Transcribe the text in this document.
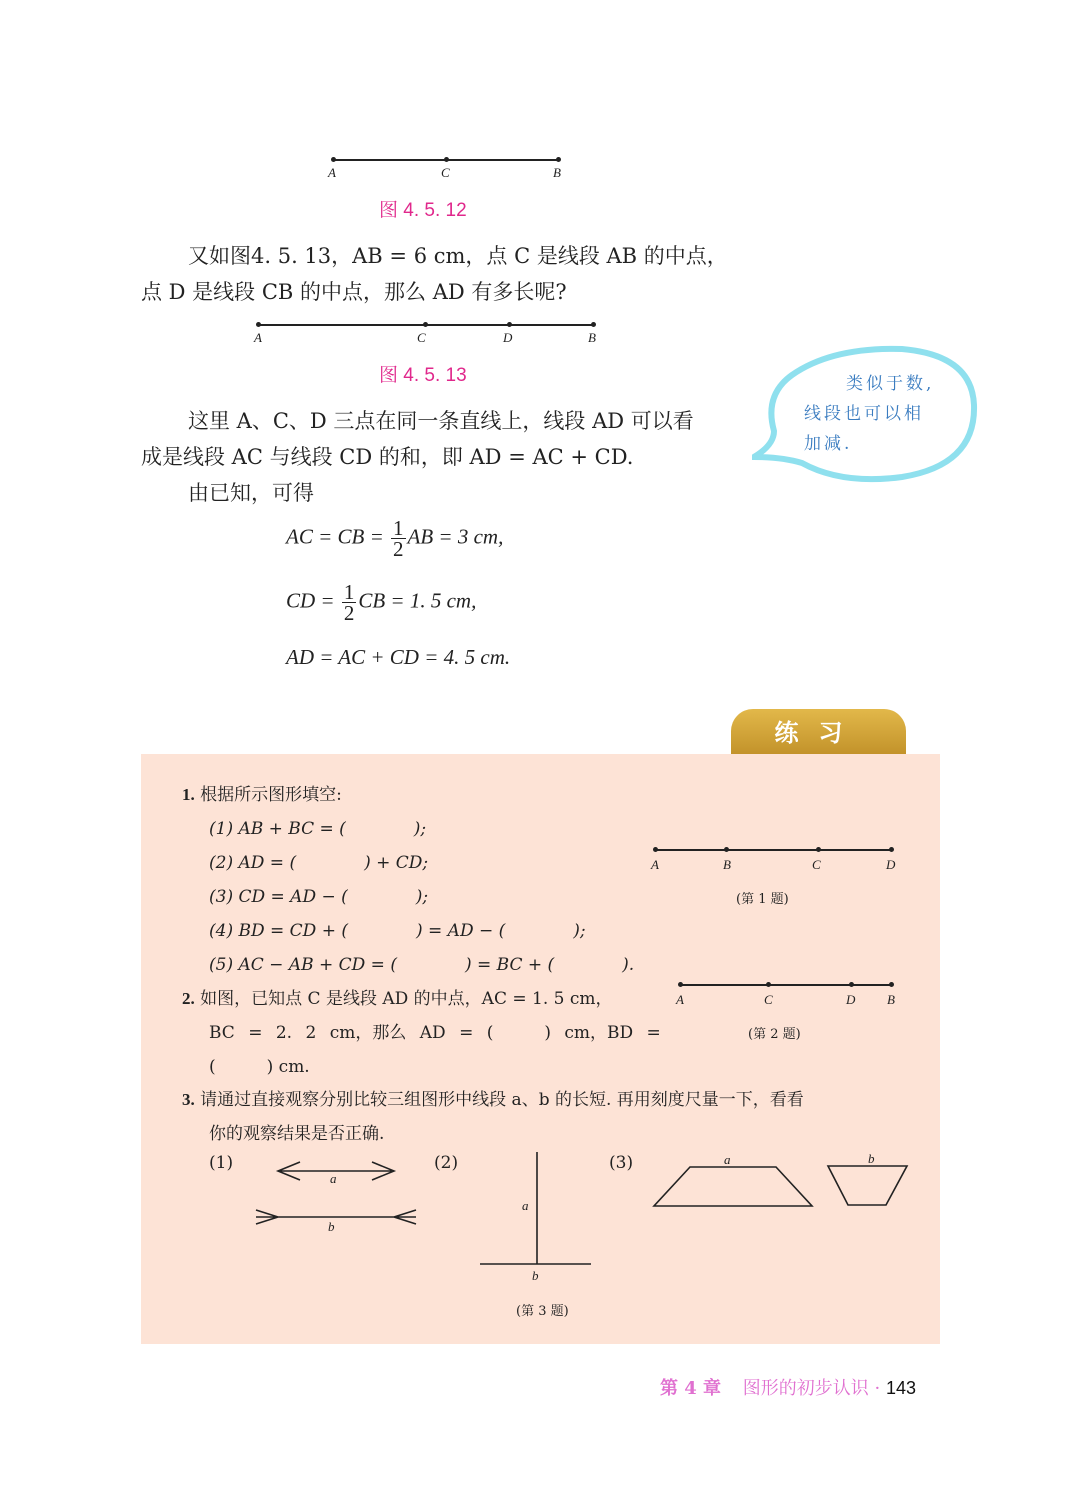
A	C	B
图 4. 5. 12
又如图4. 5. 13，AB = 6 cm，点 C 是线段 AB 的中点，
点 D 是线段 CB 的中点，那么 AD 有多长呢?
A	C	D	B
图 4. 5. 13
这里 A、C、D 三点在同一条直线上，线段 AD 可以看
成是线段 AC 与线段 CD 的和，即 AD = AC + CD.
由已知，可得
AC = CB = $\frac{1}{2}$ AB = 3 cm,
CD = $\frac{1}{2}$ CB = 1. 5 cm,
AD = AC + CD = 4. 5 cm.
类似于数,
线段也可以相
加减.
练习
1. 根据所示图形填空:
(1) AB + BC = (　　　　);
(2) AD = (　　　　) + CD;
(3) CD = AD − (　　　　);
(4) BD = CD + (　　　　) = AD − (　　　　);
(5) AC − AB + CD = (　　　　) = BC + (　　　　).
A	B	C	D
(第 1 题)
2. 如图，已知点 C 是线段 AD 的中点，AC = 1. 5 cm，
BC = 2. 2 cm，那么 AD = (　　　) cm，BD =
(　　　) cm.
A	C	D B
(第 2 题)
3. 请通过直接观察分别比较三组图形中线段 a、b 的长短. 再用刻度尺量一下，看看
你的观察结果是否正确.
(1)	(2)	(3)
a
b
a
b
a	b
(第 3 题)
第 4 章 图形的初步认识 · 143
